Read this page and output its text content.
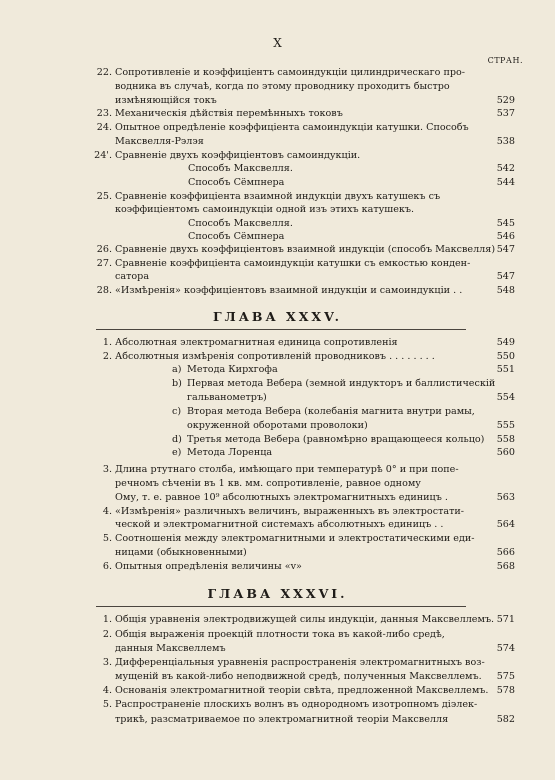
X
СТРАН.
22. Сопротивленіе и коэффиціентъ самоиндукціи цилиндрическаго про-
водника въ случаѣ, когда по этому проводнику проходитъ быстро
измѣняющійся токъ	529
23. Механическія дѣйствія перемѣнныхъ токовъ	537
24. Опытное опредѣленіе коэффиціента самоиндукціи катушки. Способъ
Максвелля-Рэлэя	538
24'. Сравненіе двухъ коэффиціентовъ самоиндукціи.
Способъ Максвелля.	542
Способъ Сёмпнера	544
25. Сравненіе коэффиціента взаимной индукціи двухъ катушекъ съ
коэффиціентомъ самоиндукціи одной изъ этихъ катушекъ.
Способъ Максвелля.	545
Способъ Сёмпнера	546
26. Сравненіе двухъ коэффиціентовъ взаимной индукціи (способъ Максвелля) 547
27. Сравненіе коэффиціента самоиндукціи катушки съ емкостью конден-
сатора	547
28. «Измѣренія» коэффиціентовъ взаимной индукціи и самоиндукціи . .	548
ГЛАВА XXXV.
1. Абсолютная электромагнитная единица сопротивленія	549
2. Абсолютныя измѣренія сопротивленій проводниковъ . . . . . . . .	550
a) Метода Кирхгофа	551
b) Первая метода Вебера (земной индукторъ и баллистическій
гальванометръ)	554
c) Вторая метода Вебера (колебанія магнита внутри рамы,
окруженной оборотами проволоки)	555
d) Третья метода Вебера (равномѣрно вращающееся кольцо)	558
e) Метода Лоренца	560
3. Длина ртутнаго столба, имѣющаго при температурѣ 0° и при попе-
речномъ сѣченіи въ 1 кв. мм. сопротивленіе, равное одному
Ому, т. е. равное 10⁹ абсолютныхъ электромагнитныхъ единицъ .	563
4. «Измѣренія» различныхъ величинъ, выраженныхъ въ электростати-
ческой и электромагнитной системахъ абсолютныхъ единицъ . .	564
5. Соотношенія между электромагнитными и электростатическими еди-
ницами (обыкновенными)	566
6. Опытныя опредѣленія величины «v»	568
ГЛАВА XXXVI.
1. Общія уравненія электродвижущей силы индукціи, данныя Максвеллемъ. 571
2. Общія выраженія проекцій плотности тока въ какой-либо средѣ,
данныя Максвеллемъ	574
3. Дифференціальныя уравненія распространенія электромагнитныхъ воз-
мущеній въ какой-либо неподвижной средѣ, полученныя Максвеллемъ.	575
4. Основанія электромагнитной теоріи свѣта, предложенной Максвеллемъ. 578
5. Распространеніе плоскихъ волнъ въ однородномъ изотропномъ діэлек-
трикѣ, разсматриваемое по электромагнитной теоріи Максвелля	582
